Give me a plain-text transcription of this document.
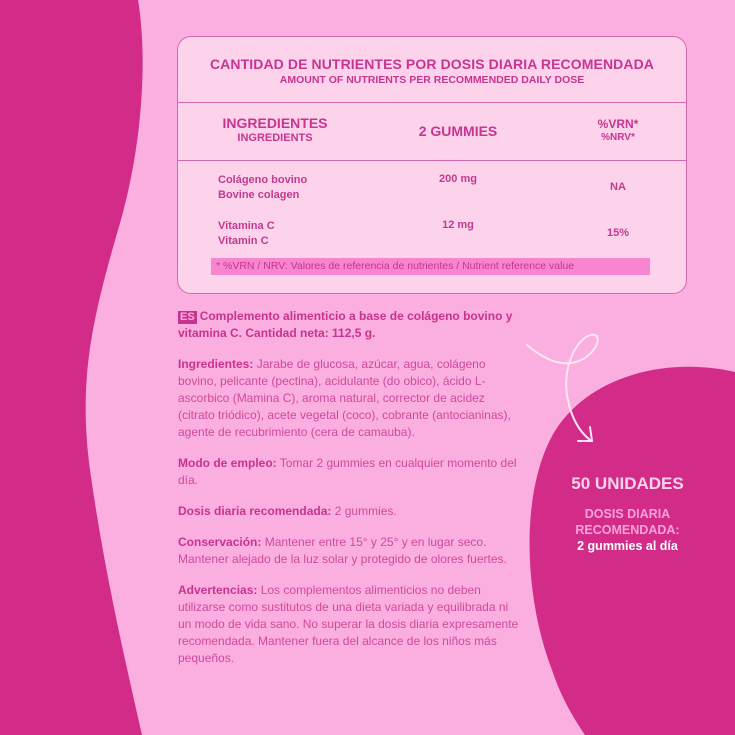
CANTIDAD DE NUTRIENTES POR DOSIS DIARIA RECOMENDADA
AMOUNT OF NUTRIENTS PER RECOMMENDED DAILY DOSE
INGREDIENTES
INGREDIENTS	2 GUMMIES	%VRN*
%NRV*
Colágeno bovino
Bovine colagen
200 mg
NA
Vitamina C
Vitamin C
12 mg
15%
* %VRN / NRV: Valores de referencia de nutrientes / Nutrient reference value

ES Complemento alimenticio a base de colágeno bovino y vitamina C. Cantidad neta: 112,5 g.

Ingredientes: Jarabe de glucosa, azúcar, agua, colágeno bovino, pelicante (pectina), acidulante (do obico), ácido L-ascorbico (Mamina C), aroma natural, corrector de acidez (citrato triódico), acete vegetal (coco), cobrante (antocianinas), agente de recubrimiento (cera de camauba).

Modo de empleo: Tomar 2 gummies en cualquier momento del día.

Dosis diaria recomendada: 2 gummies.

Conservación: Mantener entre 15° y 25° y en lugar seco. Mantener alejado de la luz solar y protegido de olores fuertes.

Advertencias: Los complementos alimenticios no deben utilizarse como sustitutos de una dieta variada y equilibrada ni un modo de vida sano. No superar la dosis diaria expresamente recomendada. Mantener fuera del alcance de los niños más pequeños.

50 UNIDADES
DOSIS DIARIA
RECOMENDADA:
2 gummies al día
